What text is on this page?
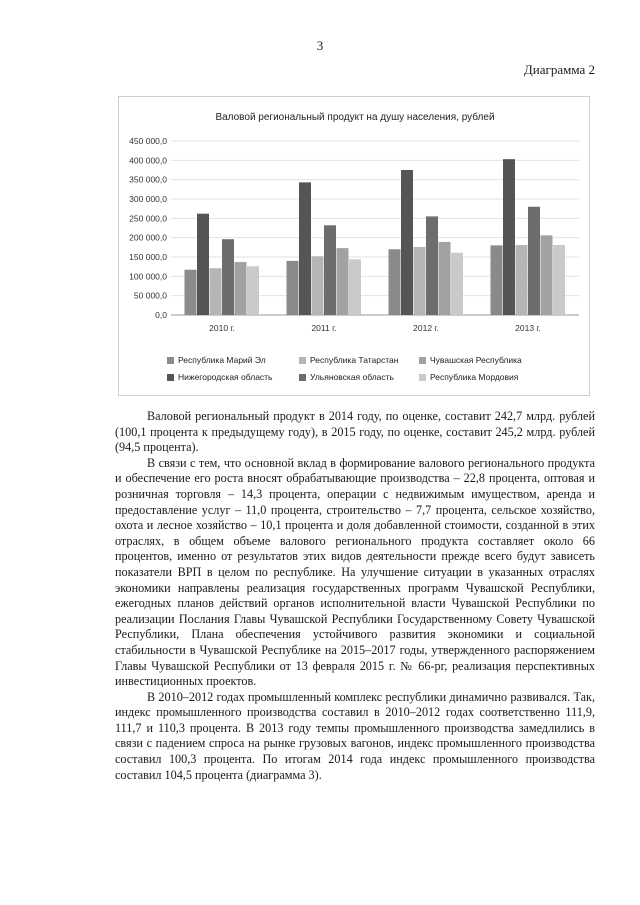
3
Диаграмма 2
Валовой региональный продукт на душу населения, рублей
0,0
50 000,0
100 000,0
150 000,0
200 000,0
250 000,0
300 000,0
350 000,0
400 000,0
450 000,0
2010 г.	2011 г.	2012 г.	2013 г.
Республика Марий Эл	Республика Татарстан	Чувашская Республика
Нижегородская область	Ульяновская область	Республика Мордовия

Валовой региональный продукт в 2014 году, по оценке, составит 242,7 млрд. рублей (100,1 процента к предыдущему году), в 2015 году, по оценке, составит 245,2 млрд. рублей (94,5 процента).

В связи с тем, что основной вклад в формирование валового регионального продукта и обеспечение его роста вносят обрабатывающие производства – 22,8 процента, оптовая и розничная торговля – 14,3 процента, операции с недвижимым имуществом, аренда и предоставление услуг – 11,0 процента, строительство – 7,7 процента, сельское хозяйство, охота и лесное хозяйство – 10,1 процента и доля добавленной стоимости, созданной в этих отраслях, в общем объеме валового регионального продукта составляет около 66 процентов, именно от результатов этих видов деятельности прежде всего будут зависеть показатели ВРП в целом по республике. На улучшение ситуации в указанных отраслях экономики направлены реализация государственных программ Чувашской Республики, ежегодных планов действий органов исполнительной власти Чувашской Республики по реализации Послания Главы Чувашской Республики Государственному Совету Чувашской Республики, Плана обеспечения устойчивого развития экономики и социальной стабильности в Чувашской Республике на 2015–2017 годы, утвержденного распоряжением Главы Чувашской Республики от 13 февраля 2015 г. № 66-рг, реализация перспективных инвестиционных проектов.

В 2010–2012 годах промышленный комплекс республики динамично развивался. Так, индекс промышленного производства составил в 2010–2012 годах соответственно 111,9, 111,7 и 110,3 процента. В 2013 году темпы промышленного производства замедлились в связи с падением спроса на рынке грузовых вагонов, индекс промышленного производства составил 100,3 процента. По итогам 2014 года индекс промышленного производства составил 104,5 процента (диаграмма 3).
